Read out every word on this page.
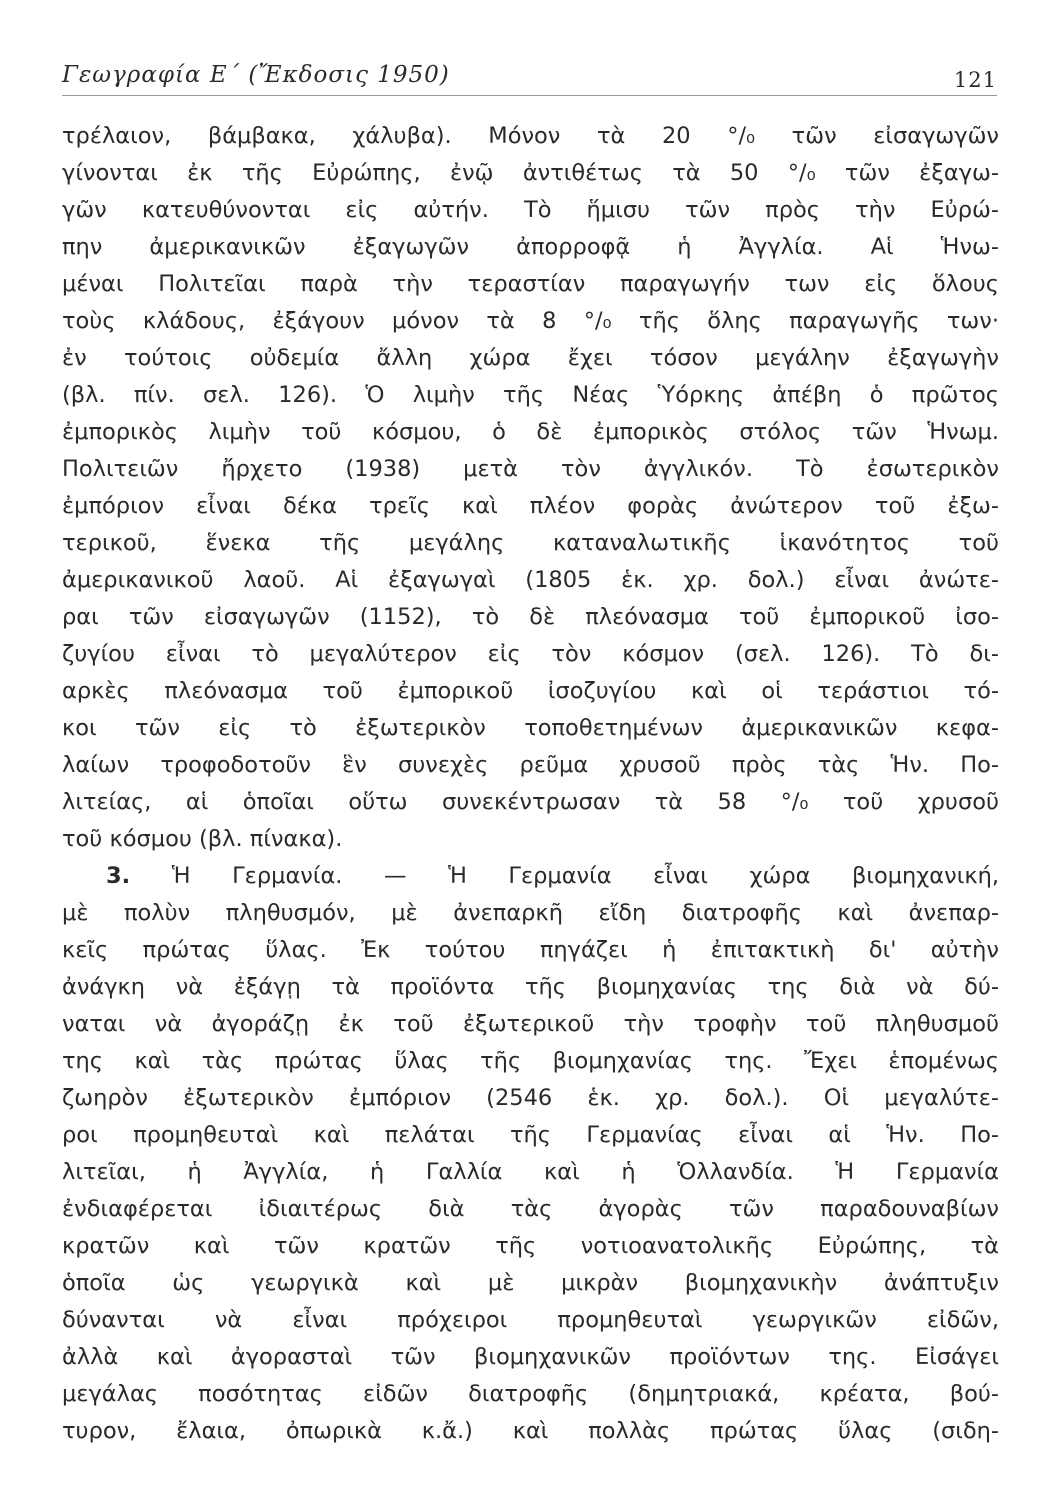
Γεωγραφία Ε΄ (Ἔκδοσις 1950)	121
τρέλαιον, βάμβακα, χάλυβα). Μόνον τὰ 20 °/₀ τῶν εἰσαγωγῶν
γίνονται ἐκ τῆς Εὐρώπης, ἐνῷ ἀντιθέτως τὰ 50 °/₀ τῶν ἐξαγω-
γῶν κατευθύνονται εἰς αὐτήν. Τὸ ἥμισυ τῶν πρὸς τὴν Εὐρώ-
πην ἀμερικανικῶν ἐξαγωγῶν ἀπορροφᾷ ἡ Ἀγγλία. Αἱ Ἡνω-
μέναι Πολιτεῖαι παρὰ τὴν τεραστίαν παραγωγήν των εἰς ὅλους
τοὺς κλάδους, ἐξάγουν μόνον τὰ 8 °/₀ τῆς ὅλης παραγωγῆς των·
ἐν τούτοις οὐδεμία ἄλλη χώρα ἔχει τόσον μεγάλην ἐξαγωγὴν
(βλ. πίν. σελ. 126). Ὁ λιμὴν τῆς Νέας Ὑόρκης ἀπέβη ὁ πρῶτος
ἐμπορικὸς λιμὴν τοῦ κόσμου, ὁ δὲ ἐμπορικὸς στόλος τῶν Ἡνωμ.
Πολιτειῶν ἤρχετο (1938) μετὰ τὸν ἀγγλικόν. Τὸ ἐσωτερικὸν
ἐμπόριον εἶναι δέκα τρεῖς καὶ πλέον φορὰς ἀνώτερον τοῦ ἐξω-
τερικοῦ, ἕνεκα τῆς μεγάλης καταναλωτικῆς ἱκανότητος τοῦ
ἀμερικανικοῦ λαοῦ. Αἱ ἐξαγωγαὶ (1805 ἑκ. χρ. δολ.) εἶναι ἀνώτε-
ραι τῶν εἰσαγωγῶν (1152), τὸ δὲ πλεόνασμα τοῦ ἐμπορικοῦ ἰσο-
ζυγίου εἶναι τὸ μεγαλύτερον εἰς τὸν κόσμον (σελ. 126). Τὸ δι-
αρκὲς πλεόνασμα τοῦ ἐμπορικοῦ ἰσοζυγίου καὶ οἱ τεράστιοι τό-
κοι τῶν εἰς τὸ ἐξωτερικὸν τοποθετημένων ἀμερικανικῶν κεφα-
λαίων τροφοδοτοῦν ἓν συνεχὲς ρεῦμα χρυσοῦ πρὸς τὰς Ἡν. Πο-
λιτείας, αἱ ὁποῖαι οὕτω συνεκέντρωσαν τὰ 58 °/₀ τοῦ χρυσοῦ
τοῦ κόσμου (βλ. πίνακα).
3. Ἡ Γερμανία. — Ἡ Γερμανία εἶναι χώρα βιομηχανική,
μὲ πολὺν πληθυσμόν, μὲ ἀνεπαρκῆ εἴδη διατροφῆς καὶ ἀνεπαρ-
κεῖς πρώτας ὕλας. Ἐκ τούτου πηγάζει ἡ ἐπιτακτικὴ δι' αὐτὴν
ἀνάγκη νὰ ἐξάγῃ τὰ προϊόντα τῆς βιομηχανίας της διὰ νὰ δύ-
ναται νὰ ἀγοράζῃ ἐκ τοῦ ἐξωτερικοῦ τὴν τροφὴν τοῦ πληθυσμοῦ
της καὶ τὰς πρώτας ὕλας τῆς βιομηχανίας της. Ἔχει ἑπομένως
ζωηρὸν ἐξωτερικὸν ἐμπόριον (2546 ἑκ. χρ. δολ.). Οἱ μεγαλύτε-
ροι προμηθευταὶ καὶ πελάται τῆς Γερμανίας εἶναι αἱ Ἡν. Πο-
λιτεῖαι, ἡ Ἀγγλία, ἡ Γαλλία καὶ ἡ Ὁλλανδία. Ἡ Γερμανία
ἐνδιαφέρεται ἰδιαιτέρως διὰ τὰς ἀγορὰς τῶν παραδουναβίων
κρατῶν καὶ τῶν κρατῶν τῆς νοτιοανατολικῆς Εὐρώπης, τὰ
ὁποῖα ὡς γεωργικὰ καὶ μὲ μικρὰν βιομηχανικὴν ἀνάπτυξιν
δύνανται νὰ εἶναι πρόχειροι προμηθευταὶ γεωργικῶν εἰδῶν,
ἀλλὰ καὶ ἀγορασταὶ τῶν βιομηχανικῶν προϊόντων της. Εἰσάγει
μεγάλας ποσότητας εἰδῶν διατροφῆς (δημητριακά, κρέατα, βού-
τυρον, ἔλαια, ὀπωρικὰ κ.ἄ.) καὶ πολλὰς πρώτας ὕλας (σιδη-
